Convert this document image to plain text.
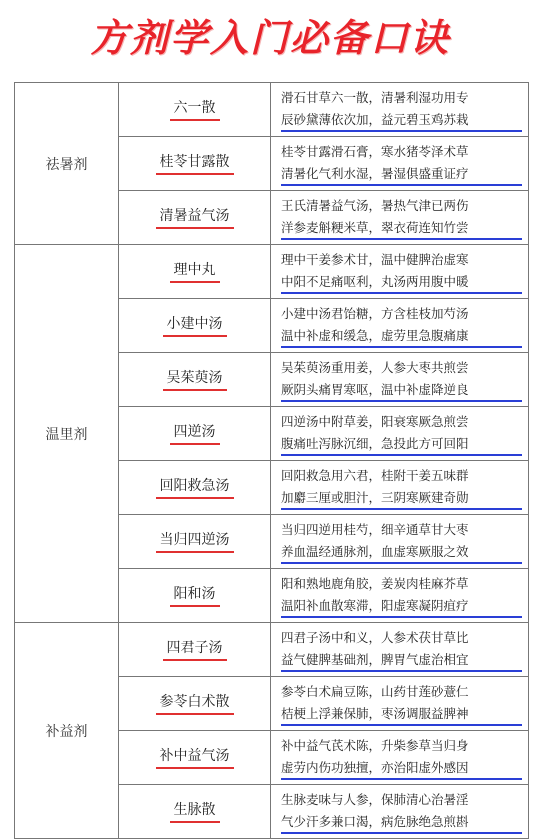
方剂学入门必备口诀
祛暑剂	六一散	滑石甘草六一散，清暑利湿功用专
辰砂黛薄依次加，益元碧玉鸡苏栽

	桂苓甘露散	桂苓甘露滑石膏，寒水猪苓泽术草
清暑化气利水湿，暑湿俱盛重证疗

	清暑益气汤	王氏清暑益气汤，暑热气津已两伤
洋参麦斛粳米草，翠衣荷连知竹尝

温里剂	理中丸	理中干姜参术甘，温中健脾治虚寒
中阳不足痛呕利，丸汤两用腹中暖

	小建中汤	小建中汤君饴糖，方含桂枝加芍汤
温中补虚和缓急，虚劳里急腹痛康

	吴茱萸汤	吴茱萸汤重用姜，人参大枣共煎尝
厥阴头痛胃寒呕，温中补虚降逆良

	四逆汤	四逆汤中附草姜，阳衰寒厥急煎尝
腹痛吐泻脉沉细，急投此方可回阳

	回阳救急汤	回阳救急用六君，桂附干姜五味群
加麝三厘或胆汁，三阴寒厥建奇勋

	当归四逆汤	当归四逆用桂芍，细辛通草甘大枣
养血温经通脉剂，血虚寒厥服之效

	阳和汤	阳和熟地鹿角胶，姜炭肉桂麻芥草
温阳补血散寒滞，阳虚寒凝阴疽疗

补益剂	四君子汤	四君子汤中和义，人参术茯甘草比
益气健脾基础剂，脾胃气虚治相宜

	参苓白术散	参苓白术扁豆陈，山药甘莲砂薏仁
桔梗上浮兼保肺，枣汤调服益脾神

	补中益气汤	补中益气芪术陈，升柴参草当归身
虚劳内伤功独擅，亦治阳虚外感因

	生脉散	生脉麦味与人参，保肺清心治暑淫
气少汗多兼口渴，病危脉绝急煎斟
